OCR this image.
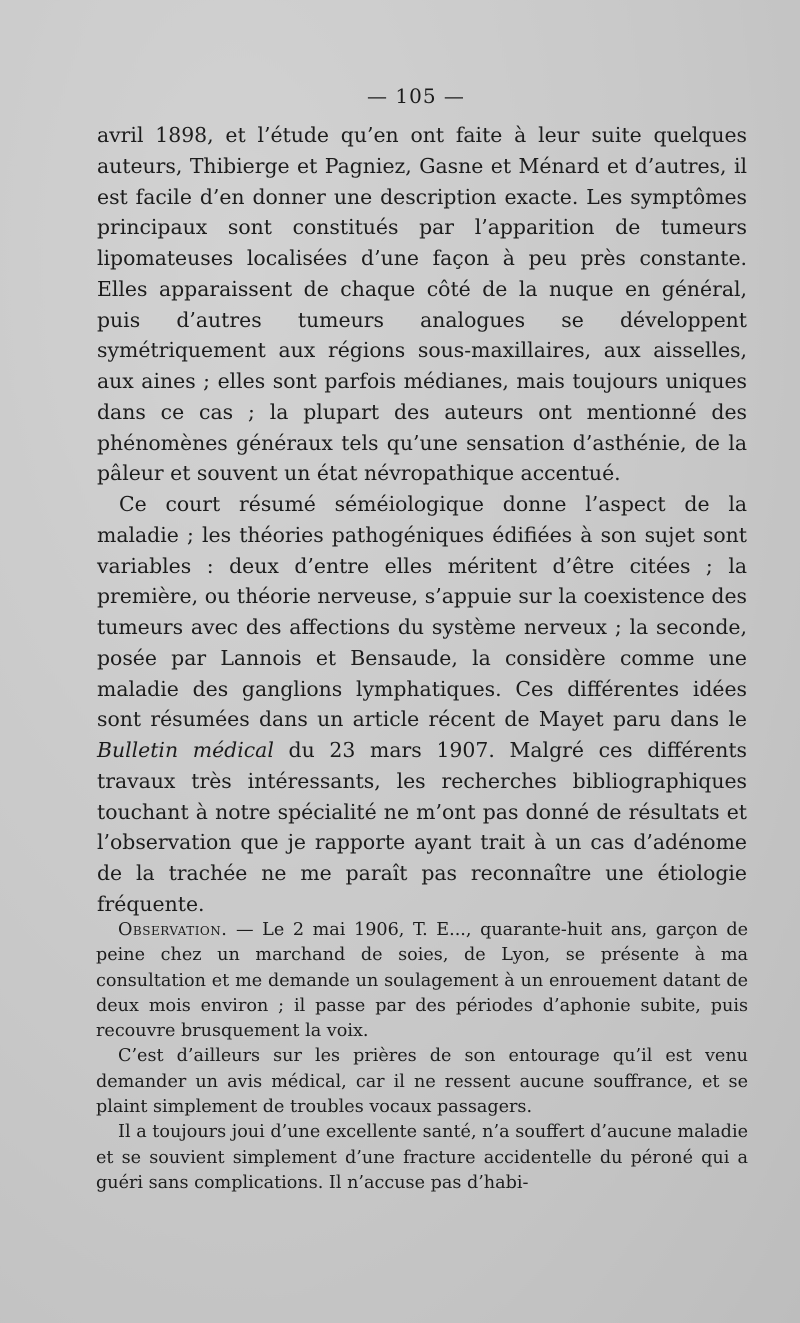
— 105 —

avril 1898, et l’étude qu’en ont faite à leur suite quelques auteurs, Thibierge et Pagniez, Gasne et Ménard et d’autres, il est facile d’en donner une description exacte. Les symptômes principaux sont constitués par l’apparition de tumeurs lipomateuses localisées d’une façon à peu près constante. Elles apparaissent de chaque côté de la nuque en général, puis d’autres tumeurs analogues se développent symétriquement aux régions sous-maxillaires, aux aisselles, aux aines ; elles sont parfois médianes, mais toujours uniques dans ce cas ; la plupart des auteurs ont mentionné des phénomènes généraux tels qu’une sensation d’asthénie, de la pâleur et souvent un état névropathique accentué.

Ce court résumé séméiologique donne l’aspect de la maladie ; les théories pathogéniques édifiées à son sujet sont variables : deux d’entre elles méritent d’être citées ; la première, ou théorie nerveuse, s’appuie sur la coexistence des tumeurs avec des affections du système nerveux ; la seconde, posée par Lannois et Bensaude, la considère comme une maladie des ganglions lymphatiques. Ces différentes idées sont résumées dans un article récent de Mayet paru dans le Bulletin médical du 23 mars 1907. Malgré ces différents travaux très intéressants, les recherches bibliographiques touchant à notre spécialité ne m’ont pas donné de résultats et l’observation que je rapporte ayant trait à un cas d’adénome de la trachée ne me paraît pas reconnaître une étiologie fréquente.

Observation. — Le 2 mai 1906, T. E..., quarante-huit ans, garçon de peine chez un marchand de soies, de Lyon, se présente à ma consultation et me demande un soulagement à un enrouement datant de deux mois environ ; il passe par des périodes d’aphonie subite, puis recouvre brusquement la voix.

C’est d’ailleurs sur les prières de son entourage qu’il est venu demander un avis médical, car il ne ressent aucune souffrance, et se plaint simplement de troubles vocaux passagers.

Il a toujours joui d’une excellente santé, n’a souffert d’aucune maladie et se souvient simplement d’une fracture accidentelle du péroné qui a guéri sans complications. Il n’accuse pas d’habi-
